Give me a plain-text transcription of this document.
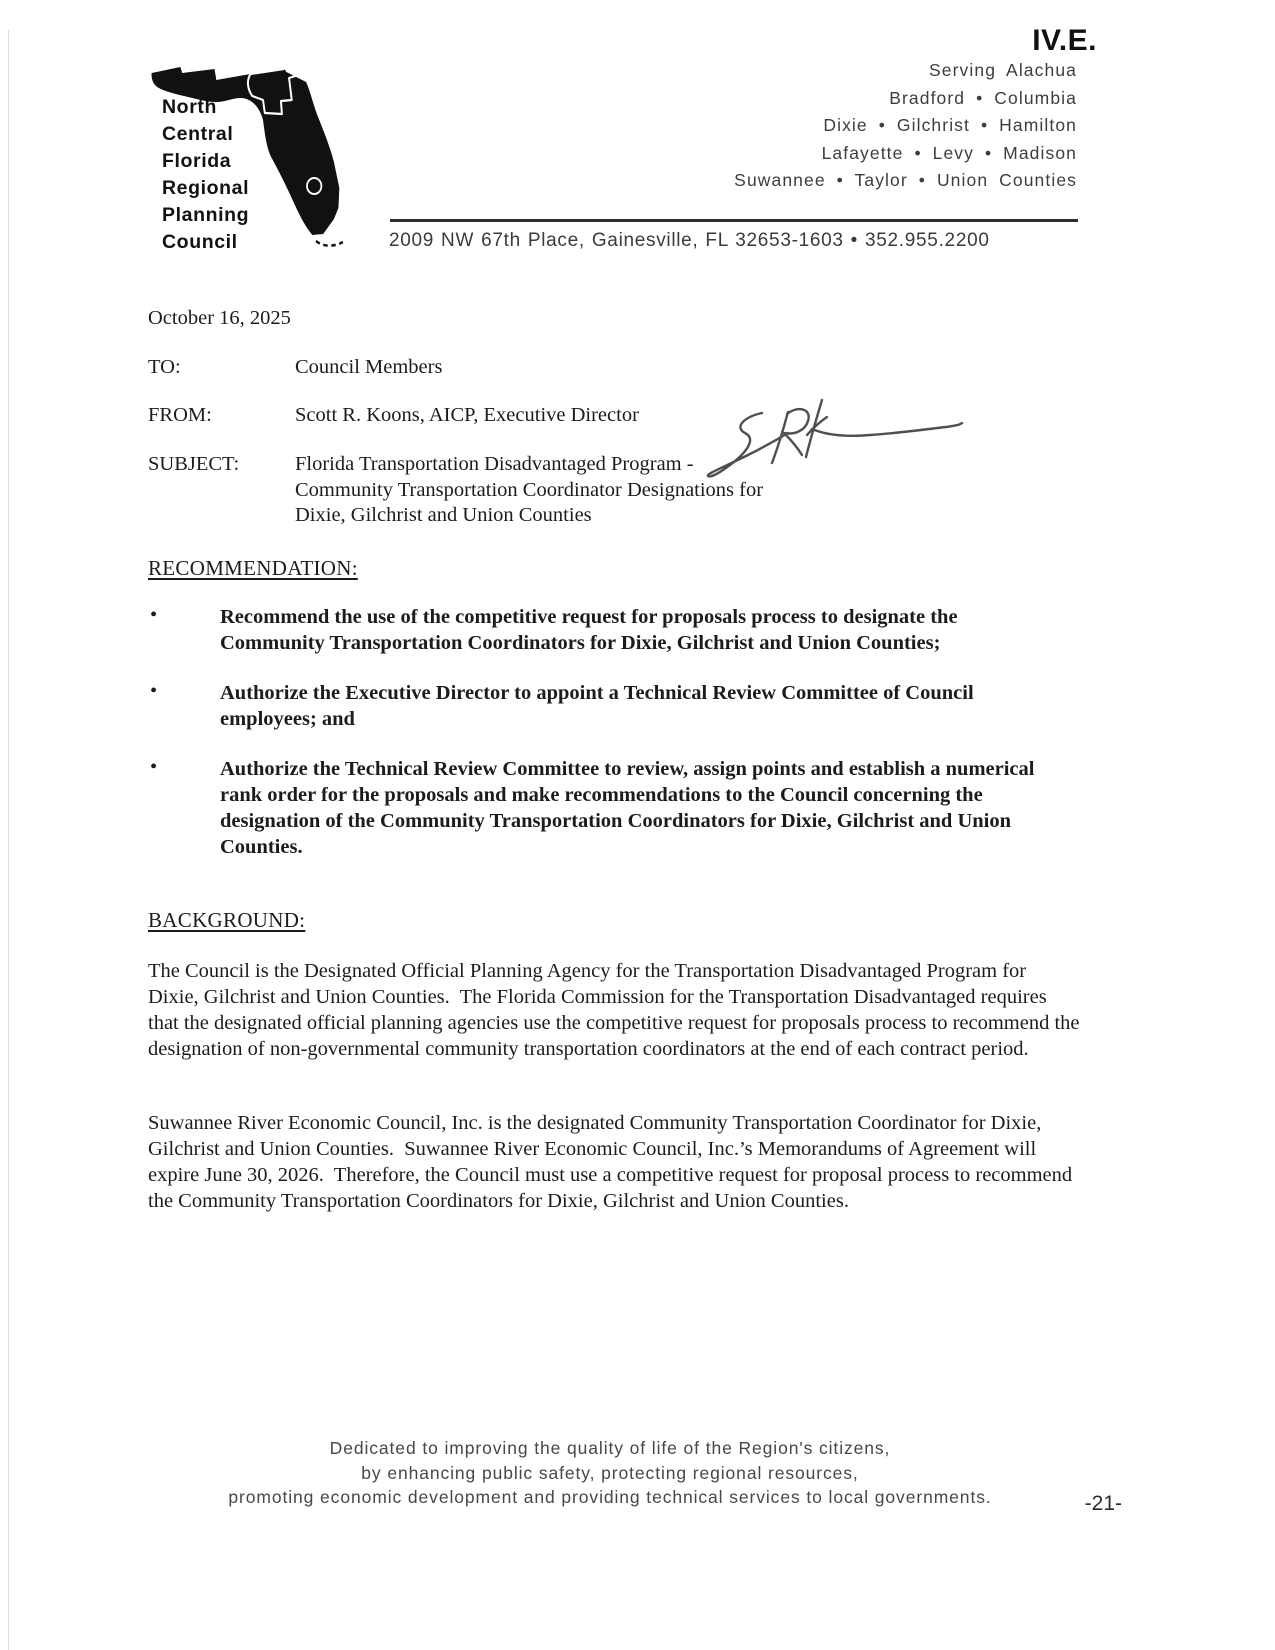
North
Central
Florida
Regional
Planning
Council
IV.E.
Serving Alachua
Bradford • Columbia
Dixie • Gilchrist • Hamilton
Lafayette • Levy • Madison
Suwannee • Taylor • Union Counties
2009 NW 67th Place, Gainesville, FL 32653-1603 • 352.955.2200
October 16, 2025
TO:	Council Members
FROM:	Scott R. Koons, AICP, Executive Director
SUBJECT:	Florida Transportation Disadvantaged Program -
Community Transportation Coordinator Designations for
Dixie, Gilchrist and Union Counties
RECOMMENDATION:
•	Recommend the use of the competitive request for proposals process to designate the Community Transportation Coordinators for Dixie, Gilchrist and Union Counties;
•	Authorize the Executive Director to appoint a Technical Review Committee of Council employees; and
•	Authorize the Technical Review Committee to review, assign points and establish a numerical rank order for the proposals and make recommendations to the Council concerning the designation of the Community Transportation Coordinators for Dixie, Gilchrist and Union Counties.
BACKGROUND:
The Council is the Designated Official Planning Agency for the Transportation Disadvantaged Program for Dixie, Gilchrist and Union Counties.  The Florida Commission for the Transportation Disadvantaged requires that the designated official planning agencies use the competitive request for proposals process to recommend the designation of non-governmental community transportation coordinators at the end of each contract period.
Suwannee River Economic Council, Inc. is the designated Community Transportation Coordinator for Dixie, Gilchrist and Union Counties.  Suwannee River Economic Council, Inc.’s Memorandums of Agreement will expire June 30, 2026.  Therefore, the Council must use a competitive request for proposal process to recommend the Community Transportation Coordinators for Dixie, Gilchrist and Union Counties.
Dedicated to improving the quality of life of the Region's citizens,
by enhancing public safety, protecting regional resources,
promoting economic development and providing technical services to local governments.	-21-
